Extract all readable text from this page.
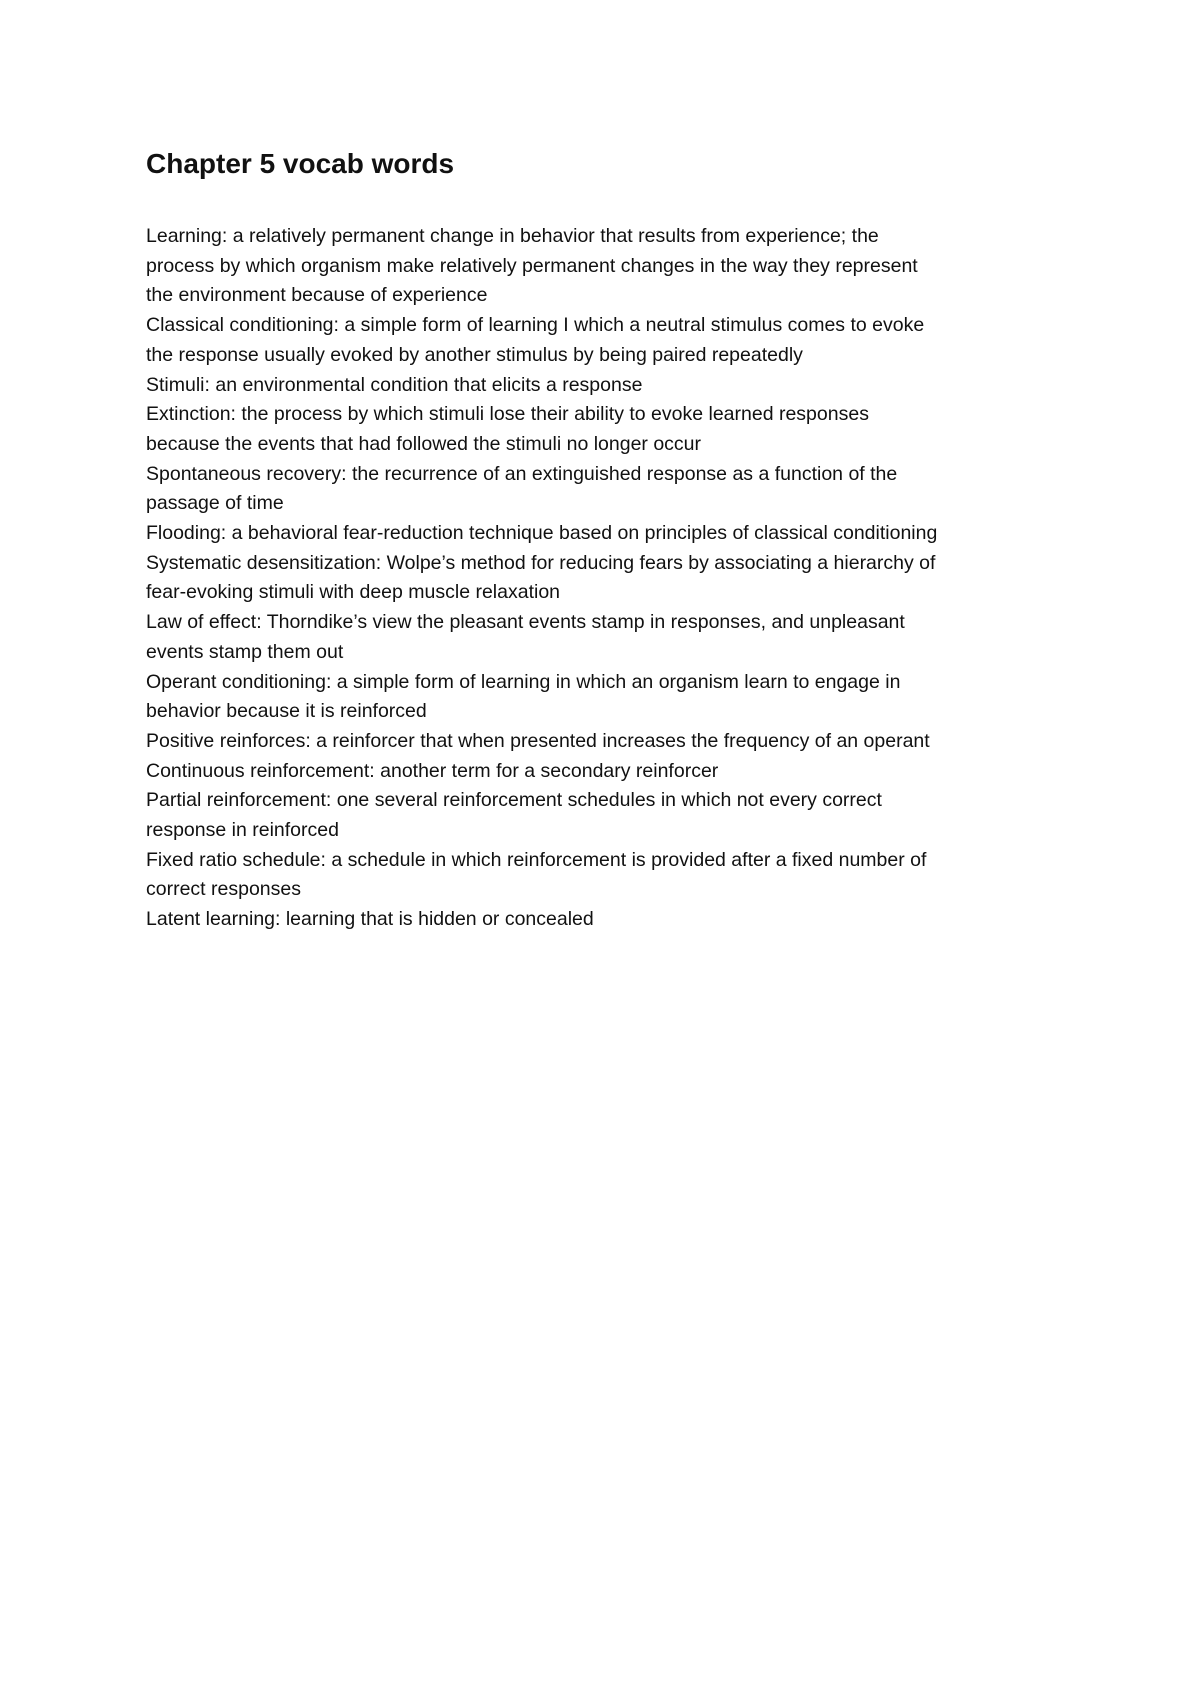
Chapter 5 vocab words
Learning: a relatively permanent change in behavior that results from experience; the
process by which organism make relatively permanent changes in the way they represent
the environment because of experience
Classical conditioning: a simple form of learning I which a neutral stimulus comes to evoke
the response usually evoked by another stimulus by being paired repeatedly
Stimuli: an environmental condition that elicits a response
Extinction: the process by which stimuli lose their ability to evoke learned responses
because the events that had followed the stimuli no longer occur
Spontaneous recovery: the recurrence of an extinguished response as a function of the
passage of time
Flooding: a behavioral fear-reduction technique based on principles of classical conditioning
Systematic desensitization: Wolpe’s method for reducing fears by associating a hierarchy of
fear-evoking stimuli with deep muscle relaxation
Law of effect: Thorndike’s view the pleasant events stamp in responses, and unpleasant
events stamp them out
Operant conditioning: a simple form of learning in which an organism learn to engage in
behavior because it is reinforced
Positive reinforces: a reinforcer that when presented increases the frequency of an operant
Continuous reinforcement: another term for a secondary reinforcer
Partial reinforcement: one several reinforcement schedules in which not every correct
response in reinforced
Fixed ratio schedule: a schedule in which reinforcement is provided after a fixed number of
correct responses
Latent learning: learning that is hidden or concealed
